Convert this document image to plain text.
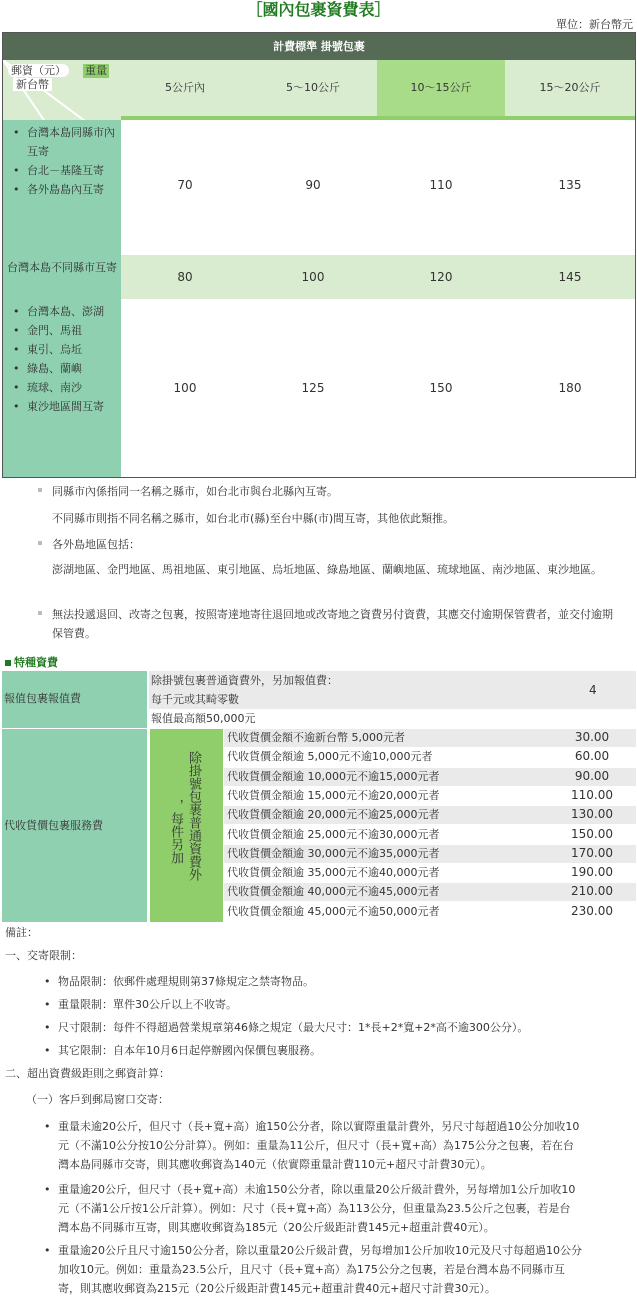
［國內包裹資費表］
單位：新台幣元
計費標準 掛號包裹
郵資（元）
新台幣
重量
5公斤內	5～10公斤	10～15公斤	15～20公斤
• 台灣本島同縣市內互寄
• 台北－基隆互寄
• 各外島島內互寄	70	90	110	135
台灣本島不同縣市互寄
80	100	120	145
• 台灣本島、澎湖
• 金門、馬祖
• 東引、烏坵
• 綠島、蘭嶼
• 琉球、南沙
• 東沙地區間互寄
100	125	150	180
同縣市內係指同一名稱之縣市，如台北市與台北縣內互寄。
不同縣市則指不同名稱之縣市，如台北市(縣)至台中縣(市)間互寄，其他依此類推。
各外島地區包括：
澎湖地區、金門地區、馬祖地區、東引地區、烏坵地區、綠島地區、蘭嶼地區、琉球地區、南沙地區、東沙地區。
無法投遞退回、改寄之包裹，按照寄達地寄往退回地或改寄地之資費另付資費，其應交付逾期保管費者，並交付逾期保管費。
特種資費
報值包裹報值費
除掛號包裹普通資費外，另加報值費：
每千元或其畸零數
4
報值最高額50,000元
代收貨價包裹服務費	除掛號包裹普通資費外
，每件另加
代收貨價金額不逾新台幣 5,000元者	30.00
代收貨價金額逾 5,000元不逾10,000元者	60.00
代收貨價金額逾 10,000元不逾15,000元者	90.00
代收貨價金額逾 15,000元不逾20,000元者	110.00
代收貨價金額逾 20,000元不逾25,000元者	130.00
代收貨價金額逾 25,000元不逾30,000元者	150.00
代收貨價金額逾 30,000元不逾35,000元者	170.00
代收貨價金額逾 35,000元不逾40,000元者	190.00
代收貨價金額逾 40,000元不逾45,000元者	210.00
代收貨價金額逾 45,000元不逾50,000元者	230.00
備註：
一、交寄限制：
• 物品限制：依郵件處理規則第37條規定之禁寄物品。
• 重量限制：單件30公斤以上不收寄。
• 尺寸限制：每件不得超過營業規章第46條之規定（最大尺寸：1*長+2*寬+2*高不逾300公分）。
• 其它限制：自本年10月6日起停辦國內保價包裹服務。
二、超出資費級距則之郵資計算：
（一）客戶到郵局窗口交寄：
• 重量未逾20公斤，但尺寸（長+寬+高）逾150公分者，除以實際重量計費外，另尺寸每超過10公分加收10
元（不滿10公分按10公分計算）。例如：重量為11公斤，但尺寸（長+寬+高）為175公分之包裹，若在台
灣本島同縣市交寄，則其應收郵資為140元（依實際重量計費110元+超尺寸計費30元）。
• 重量逾20公斤，但尺寸（長+寬+高）未逾150公分者，除以重量20公斤級計費外，另每增加1公斤加收10
元（不滿1公斤按1公斤計算）。例如：尺寸（長+寬+高）為113公分，但重量為23.5公斤之包裹，若是台
灣本島不同縣市互寄，則其應收郵資為185元（20公斤級距計費145元+超重計費40元）。
• 重量逾20公斤且尺寸逾150公分者，除以重量20公斤級計費，另每增加1公斤加收10元及尺寸每超過10公分
加收10元。例如：重量為23.5公斤，且尺寸（長+寬+高）為175公分之包裹，若是台灣本島不同縣市互
寄，則其應收郵資為215元（20公斤級距計費145元+超重計費40元+超尺寸計費30元）。
